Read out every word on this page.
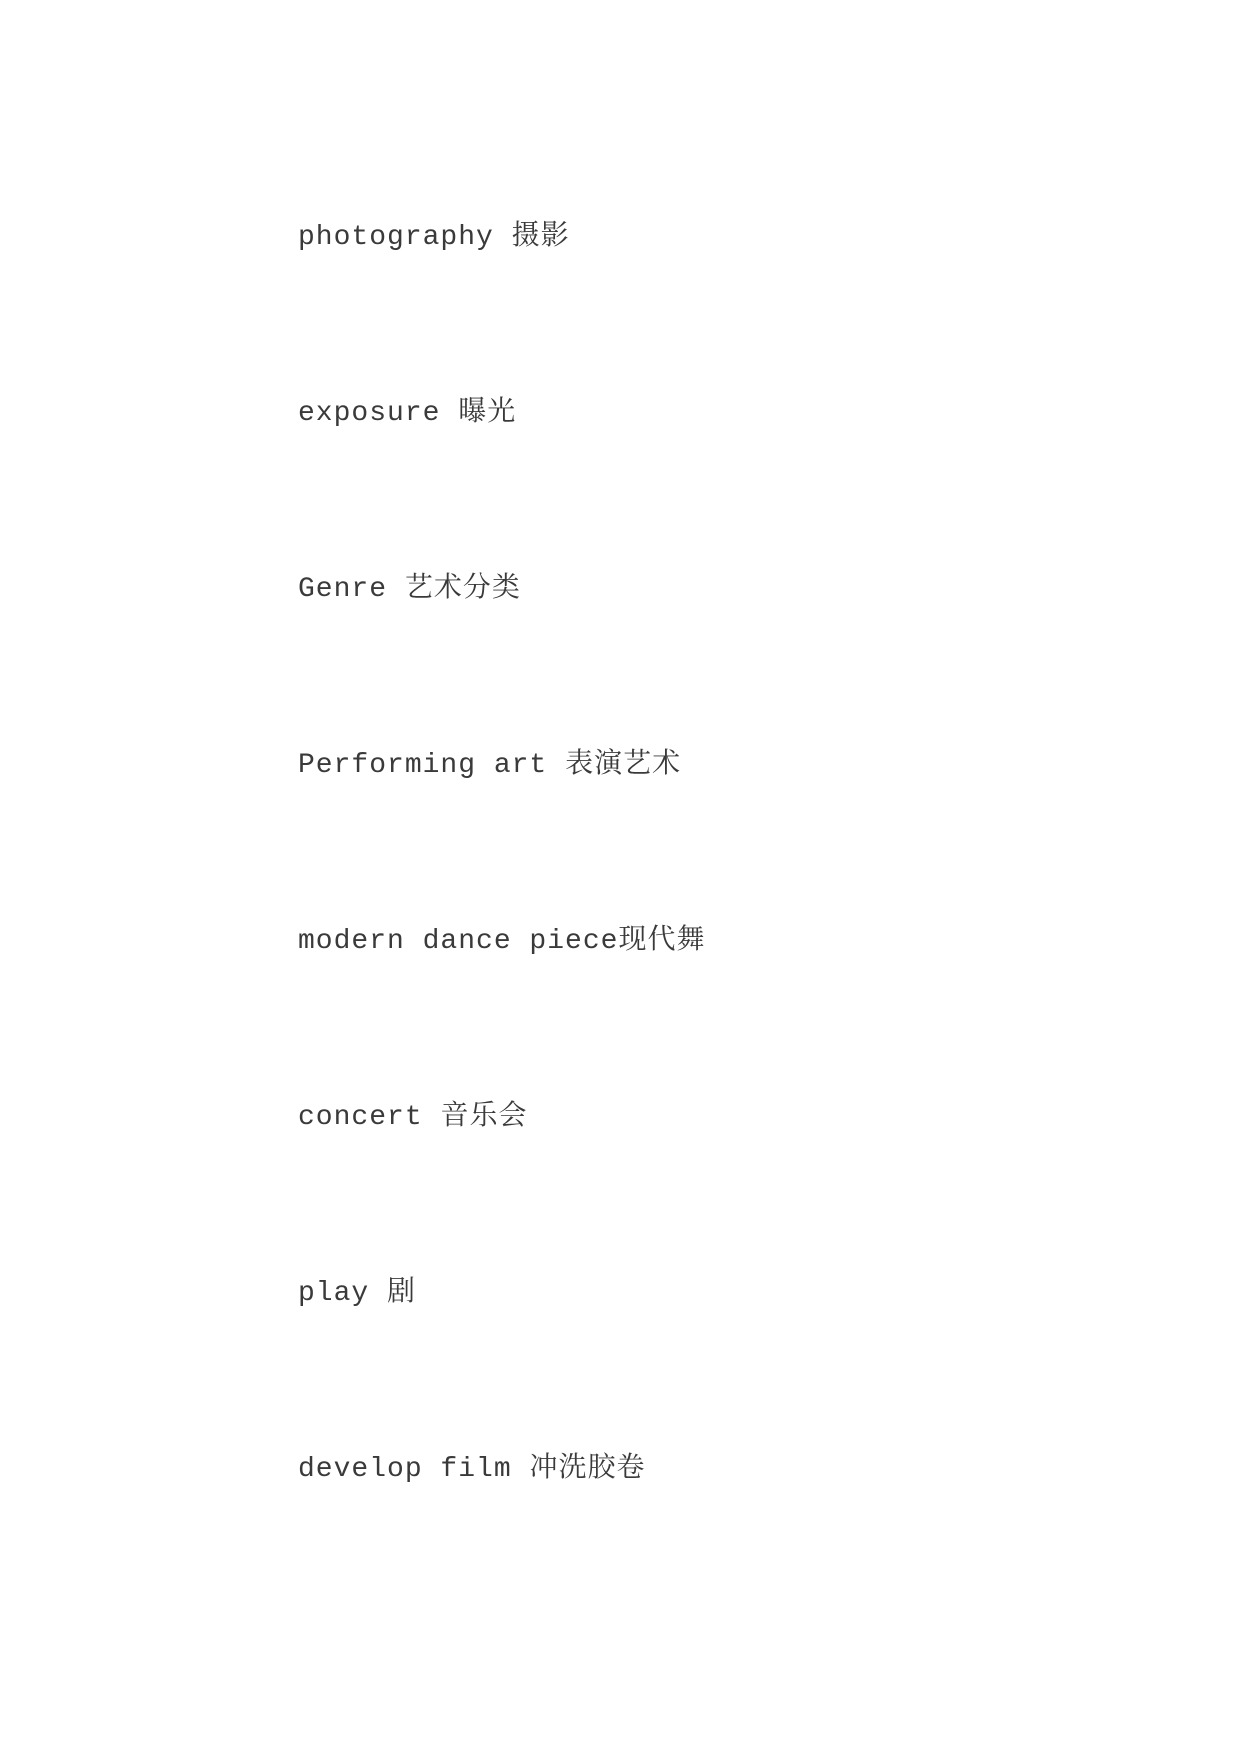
photography 摄影
exposure 曝光
Genre 艺术分类
Performing art 表演艺术
modern dance piece现代舞
concert 音乐会
play 剧
develop film 冲洗胶卷
